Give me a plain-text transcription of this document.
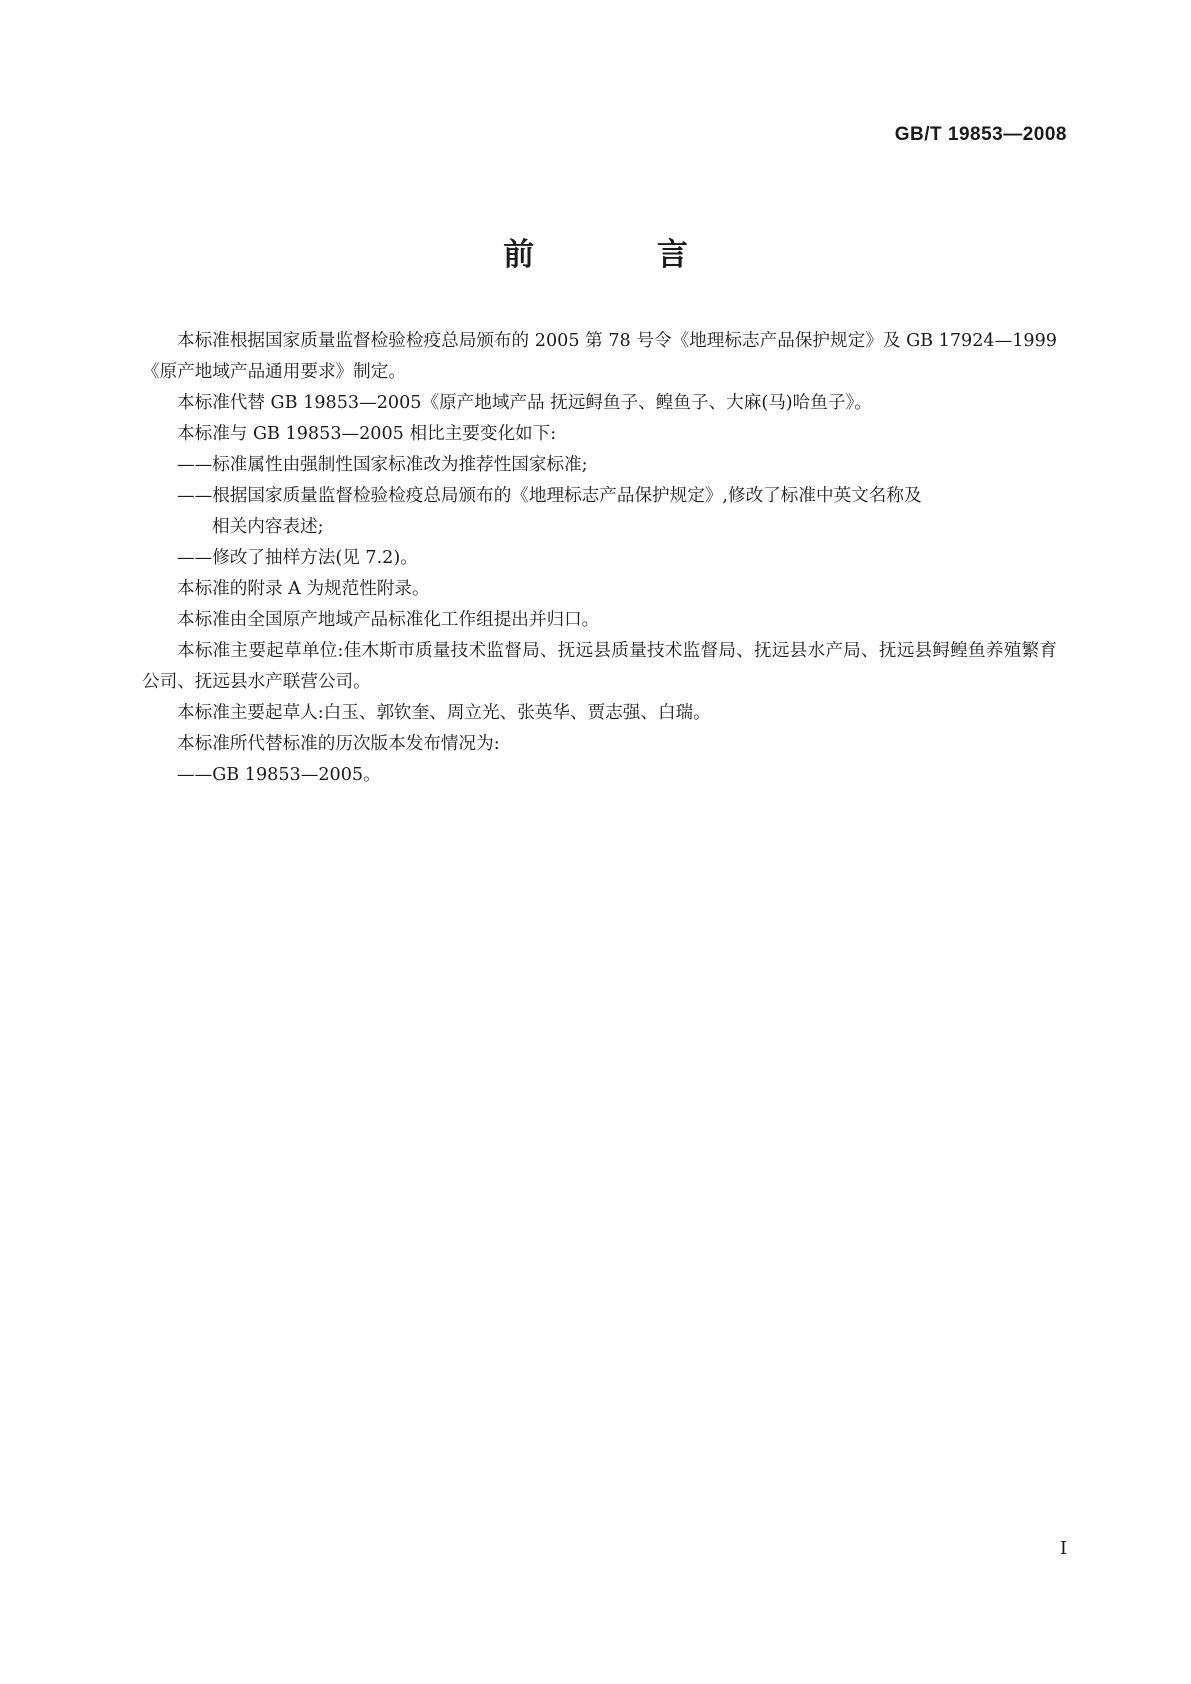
GB/T 19853—2008
前 言

本标准根据国家质量监督检验检疫总局颁布的 2005 第 78 号令《地理标志产品保护规定》及 GB 17924—1999《原产地域产品通用要求》制定。

本标准代替 GB 19853—2005《原产地域产品 抚远鲟鱼子、鳇鱼子、大麻(马)哈鱼子》。

本标准与 GB 19853—2005 相比主要变化如下:

——标准属性由强制性国家标准改为推荐性国家标准;

——根据国家质量监督检验检疫总局颁布的《地理标志产品保护规定》,修改了标准中英文名称及
相关内容表述;

——修改了抽样方法(见 7.2)。

本标准的附录 A 为规范性附录。

本标准由全国原产地域产品标准化工作组提出并归口。

本标准主要起草单位:佳木斯市质量技术监督局、抚远县质量技术监督局、抚远县水产局、抚远县鲟鳇鱼养殖繁育公司、抚远县水产联营公司。

本标准主要起草人:白玉、郭钦奎、周立光、张英华、贾志强、白瑞。

本标准所代替标准的历次版本发布情况为:

——GB 19853—2005。

I
